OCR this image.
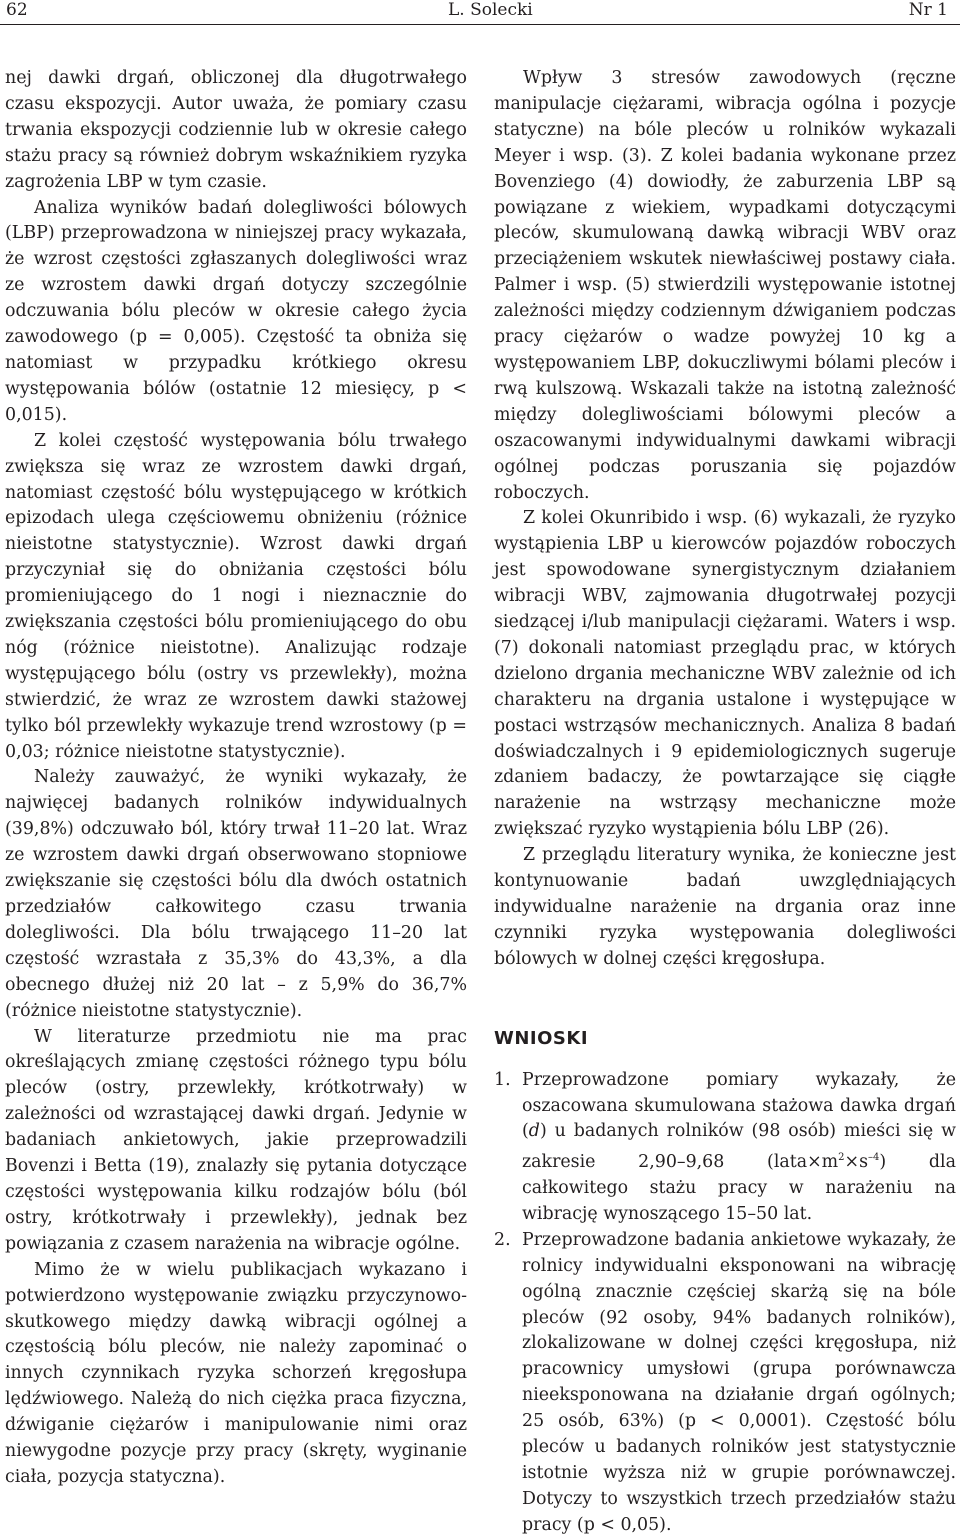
62	L. Solecki	Nr 1

nej dawki drgań, obliczonej dla długotrwałego czasu ekspozycji. Autor uważa, że pomiary czasu trwania ekspozycji codziennie lub w okresie całego stażu pracy są również dobrym wskaźnikiem ryzyka zagrożenia LBP w tym czasie.

Analiza wyników badań dolegliwości bólowych (LBP) przeprowadzona w niniejszej pracy wykazała, że wzrost częstości zgłaszanych dolegliwości wraz ze wzrostem dawki drgań dotyczy szczególnie odczuwania bólu pleców w okresie całego życia zawodowego (p = 0,005). Częstość ta obniża się natomiast w przypadku krótkiego okresu występowania bólów (ostatnie 12 miesięcy, p < 0,015).

Z kolei częstość występowania bólu trwałego zwiększa się wraz ze wzrostem dawki drgań, natomiast częstość bólu występującego w krótkich epizodach ulega częściowemu obniżeniu (różnice nieistotne statystycznie). Wzrost dawki drgań przyczyniał się do obniżania częstości bólu promieniującego do 1 nogi i nieznacznie do zwiększania częstości bólu promieniującego do obu nóg (różnice nieistotne). Analizując rodzaje występującego bólu (ostry vs przewlekły), można stwierdzić, że wraz ze wzrostem dawki stażowej tylko ból przewlekły wykazuje trend wzrostowy (p = 0,03; różnice nieistotne statystycznie).

Należy zauważyć, że wyniki wykazały, że najwięcej badanych rolników indywidualnych (39,8%) odczuwało ból, który trwał 11–20 lat. Wraz ze wzrostem dawki drgań obserwowano stopniowe zwiększanie się częstości bólu dla dwóch ostatnich przedziałów całkowitego czasu trwania dolegliwości. Dla bólu trwającego 11–20 lat częstość wzrastała z 35,3% do 43,3%, a dla obecnego dłużej niż 20 lat – z 5,9% do 36,7% (różnice nieistotne statystycznie).

W literaturze przedmiotu nie ma prac określających zmianę częstości różnego typu bólu pleców (ostry, przewlekły, krótkotrwały) w zależności od wzrastającej dawki drgań. Jedynie w badaniach ankietowych, jakie przeprowadzili Bovenzi i Betta (19), znalazły się pytania dotyczące częstości występowania kilku rodzajów bólu (ból ostry, krótkotrwały i przewlekły), jednak bez powiązania z czasem narażenia na wibracje ogólne.

Mimo że w wielu publikacjach wykazano i potwierdzono występowanie związku przyczynowo-skutkowego między dawką wibracji ogólnej a częstością bólu pleców, nie należy zapominać o innych czynnikach ryzyka schorzeń kręgosłupa lędźwiowego. Należą do nich ciężka praca fizyczna, dźwiganie ciężarów i manipulowanie nimi oraz niewygodne pozycje przy pracy (skręty, wyginanie ciała, pozycja statyczna).

Wpływ 3 stresów zawodowych (ręczne manipulacje ciężarami, wibracja ogólna i pozycje statyczne) na bóle pleców u rolników wykazali Meyer i wsp. (3). Z kolei badania wykonane przez Bovenziego (4) dowiodły, że zaburzenia LBP są powiązane z wiekiem, wypadkami dotyczącymi pleców, skumulowaną dawką wibracji WBV oraz przeciążeniem wskutek niewłaściwej postawy ciała. Palmer i wsp. (5) stwierdzili występowanie istotnej zależności między codziennym dźwiganiem podczas pracy ciężarów o wadze powyżej 10 kg a występowaniem LBP, dokuczliwymi bólami pleców i rwą kulszową. Wskazali także na istotną zależność między dolegliwościami bólowymi pleców a oszacowanymi indywidualnymi dawkami wibracji ogólnej podczas poruszania się pojazdów roboczych.

Z kolei Okunribido i wsp. (6) wykazali, że ryzyko wystąpienia LBP u kierowców pojazdów roboczych jest spowodowane synergistycznym działaniem wibracji WBV, zajmowania długotrwałej pozycji siedzącej i/lub manipulacji ciężarami. Waters i wsp. (7) dokonali natomiast przeglądu prac, w których dzielono drgania mechaniczne WBV zależnie od ich charakteru na drgania ustalone i występujące w postaci wstrząsów mechanicznych. Analiza 8 badań doświadczalnych i 9 epidemiologicznych sugeruje zdaniem badaczy, że powtarzające się ciągłe narażenie na wstrząsy mechaniczne może zwiększać ryzyko wystąpienia bólu LBP (26).

Z przeglądu literatury wynika, że konieczne jest kontynuowanie badań uwzględniających indywidualne narażenie na drgania oraz inne czynniki ryzyka występowania dolegliwości bólowych w dolnej części kręgosłupa.

WNIOSKI
1. Przeprowadzone pomiary wykazały, że oszacowana skumulowana stażowa dawka drgań (d) u badanych rolników (98 osób) mieści się w zakresie 2,90–9,68 $(lata\times m^2\times s^{-4})$ dla całkowitego stażu pracy w narażeniu na wibrację wynoszącego 15–50 lat.
2. Przeprowadzone badania ankietowe wykazały, że rolnicy indywidualni eksponowani na wibrację ogólną znacznie częściej skarżą się na bóle pleców (92 osoby, 94% badanych rolników), zlokalizowane w dolnej części kręgosłupa, niż pracownicy umysłowi (grupa porównawcza nieeksponowana na działanie drgań ogólnych; 25 osób, 63%) (p < 0,0001). Częstość bólu pleców u badanych rolników jest statystycznie istotnie wyższa niż w grupie porównawczej. Dotyczy to wszystkich trzech przedziałów stażu pracy (p < 0,05).
